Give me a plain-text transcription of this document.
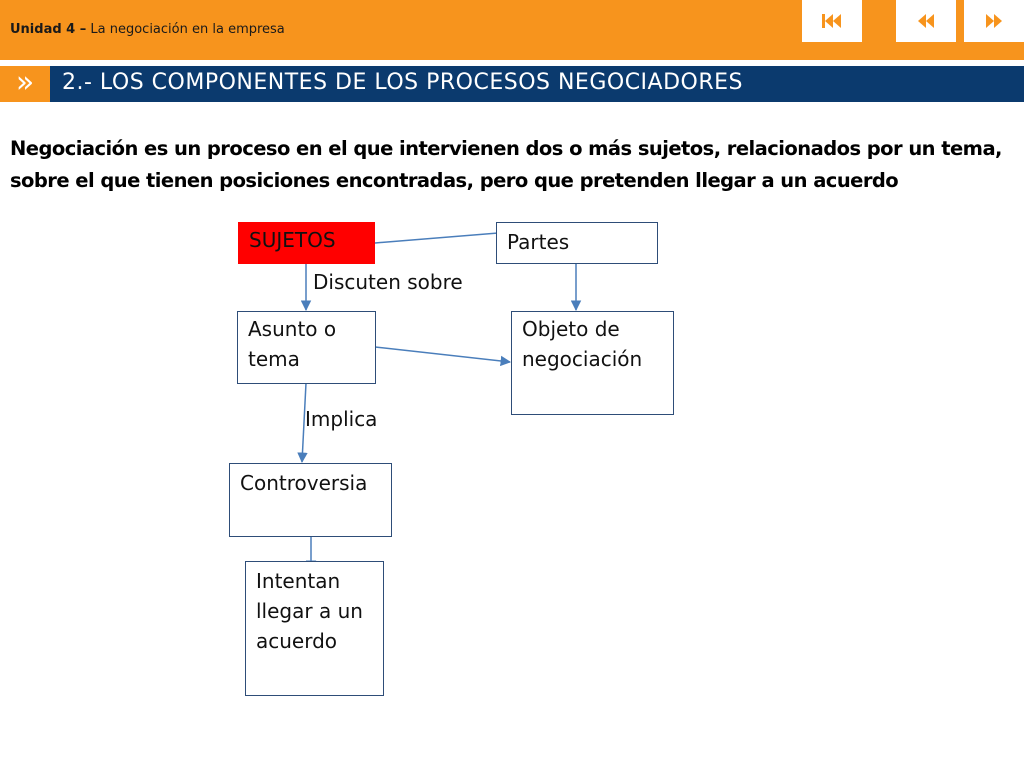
Unidad 4 – La negociación en la empresa
»	2.- LOS COMPONENTES DE LOS PROCESOS NEGOCIADORES
Negociación es un proceso en el que intervienen dos o más sujetos, relacionados por un tema,
sobre el que tienen posiciones encontradas, pero que pretenden llegar a un acuerdo
SUJETOS	Partes
Discuten sobre
Asunto o
tema
Objeto de
negociación
Implica
Controversia
Intentan
llegar a un
acuerdo
